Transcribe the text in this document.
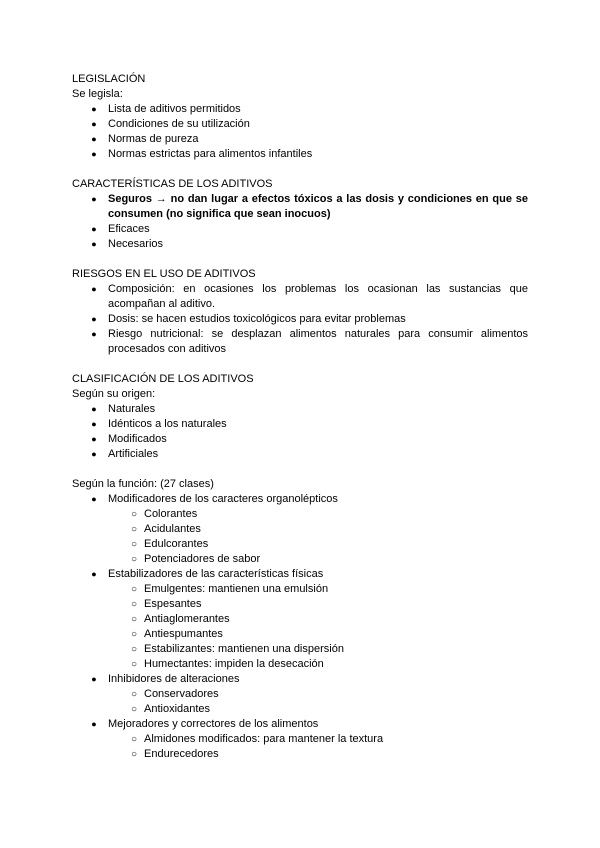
LEGISLACIÓN
Se legisla:
● Lista de aditivos permitidos
● Condiciones de su utilización
● Normas de pureza
● Normas estrictas para alimentos infantiles
CARACTERÍSTICAS DE LOS ADITIVOS
● Seguros → no dan lugar a efectos tóxicos a las dosis y condiciones en que se consumen (no significa que sean inocuos)
● Eficaces
● Necesarios
RIESGOS EN EL USO DE ADITIVOS
● Composición: en ocasiones los problemas los ocasionan las sustancias que acompañan al aditivo.
● Dosis: se hacen estudios toxicológicos para evitar problemas
● Riesgo nutricional: se desplazan alimentos naturales para consumir alimentos procesados con aditivos
CLASIFICACIÓN DE LOS ADITIVOS
Según su origen:
● Naturales
● Idénticos a los naturales
● Modificados
● Artificiales
Según la función: (27 clases)
● Modificadores de los caracteres organolépticos
○ Colorantes
○ Acidulantes
○ Edulcorantes
○ Potenciadores de sabor
● Estabilizadores de las características físicas
○ Emulgentes: mantienen una emulsión
○ Espesantes
○ Antiaglomerantes
○ Antiespumantes
○ Estabilizantes: mantienen una dispersión
○ Humectantes: impiden la desecación
● Inhibidores de alteraciones
○ Conservadores
○ Antioxidantes
● Mejoradores y correctores de los alimentos
○ Almidones modificados: para mantener la textura
○ Endurecedores
